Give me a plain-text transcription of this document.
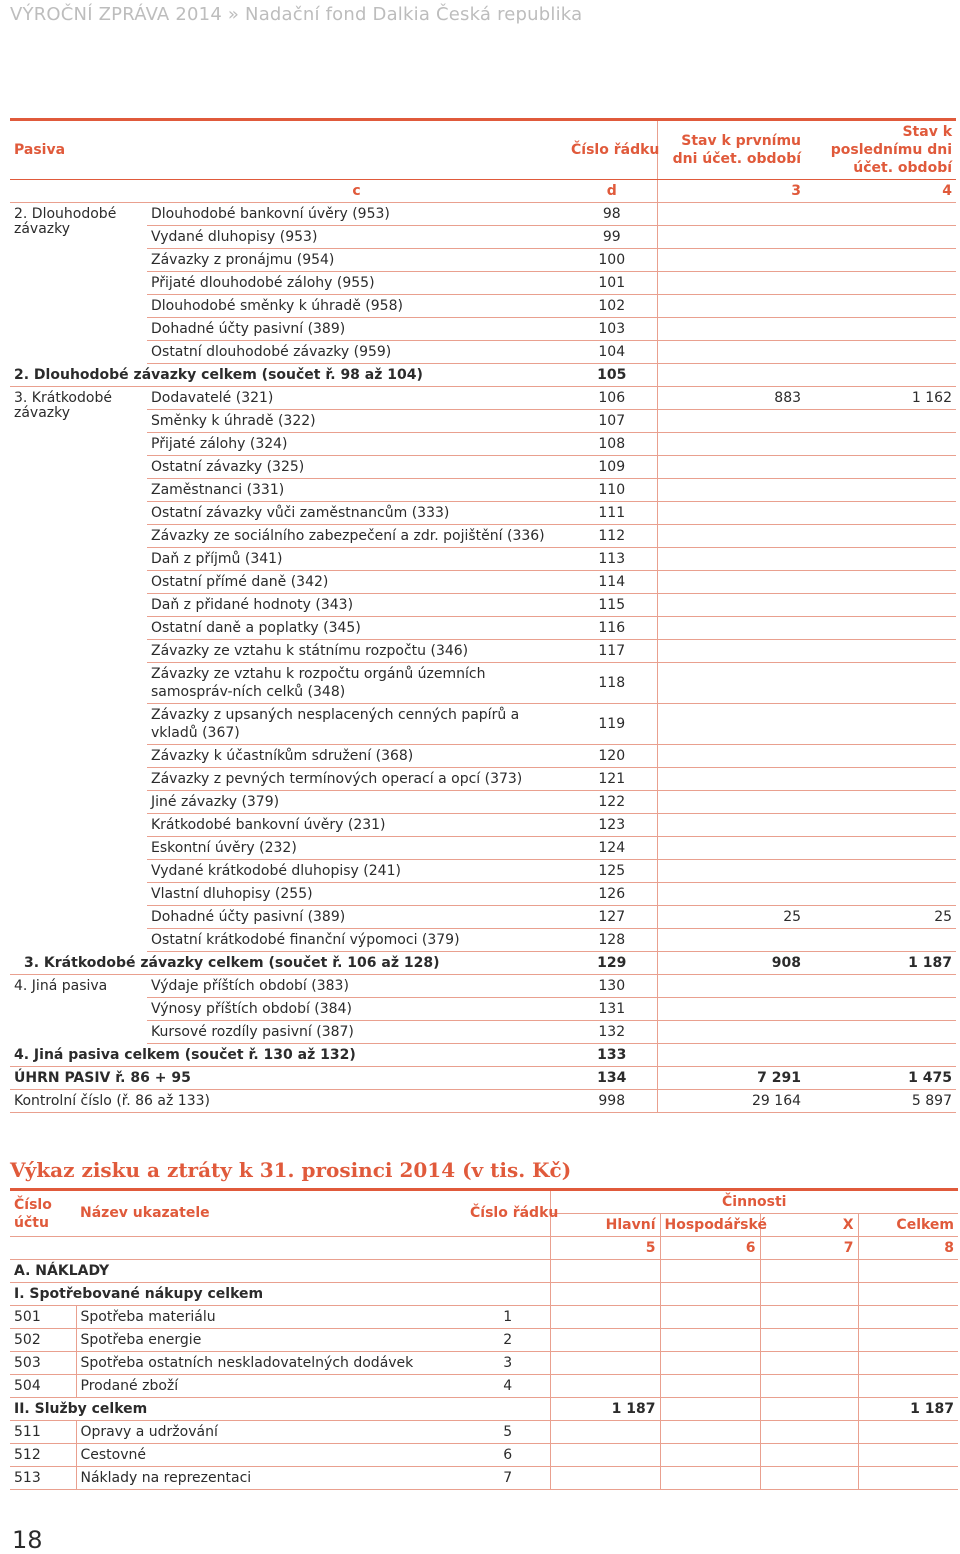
VÝROČNÍ ZPRÁVA 2014 » Nadační fond Dalkia Česká republika
Pasiva		Číslo řádku	Stav k prvnímu dni účet. období	Stav k poslednímu dni účet. období
c		d	3	4
2. Dlouhodobé závazky	Dlouhodobé bankovní úvěry (953)	98		
	Vydané dluhopisy (953)	99		
	Závazky z pronájmu (954)	100		
	Přijaté dlouhodobé zálohy (955)	101		
	Dlouhodobé směnky k úhradě (958)	102		
	Dohadné účty pasivní (389)	103		
	Ostatní dlouhodobé závazky (959)	104		
2. Dlouhodobé závazky celkem (součet ř. 98 až 104)		105		
3. Krátkodobé závazky	Dodavatelé (321)	106	883	1 162
	Směnky k úhradě (322)	107		
	Přijaté zálohy (324)	108		
	Ostatní závazky (325)	109		
	Zaměstnanci (331)	110		
	Ostatní závazky vůči zaměstnancům (333)	111		
	Závazky ze sociálního zabezpečení a zdr. pojištění (336)	112		
	Daň z příjmů (341)	113		
	Ostatní přímé daně (342)	114		
	Daň z přidané hodnoty (343)	115		
	Ostatní daně a poplatky (345)	116		
	Závazky ze vztahu k státnímu rozpočtu (346)	117		
	Závazky ze vztahu k rozpočtu orgánů územních samospráv-ních celků (348)	118		
	Závazky z upsaných nesplacených cenných papírů a vkladů (367)	119		
	Závazky k účastníkům sdružení (368)	120		
	Závazky z pevných termínových operací a opcí (373)	121		
	Jiné závazky (379)	122		
	Krátkodobé bankovní úvěry (231)	123		
	Eskontní úvěry (232)	124		
	Vydané krátkodobé dluhopisy (241)	125		
	Vlastní dluhopisy (255)	126		
	Dohadné účty pasivní (389)	127	25	25
	Ostatní krátkodobé finanční výpomoci (379)	128		
3. Krátkodobé závazky celkem (součet ř. 106 až 128)		129	908	1 187
4. Jiná pasiva	Výdaje příštích období (383)	130		
	Výnosy příštích období (384)	131		
	Kursové rozdíly pasivní (387)	132		
4. Jiná pasiva celkem (součet ř. 130 až 132)		133		
ÚHRN PASIV ř. 86 + 95		134	7 291	1 475
Kontrolní číslo (ř. 86 až 133)		998	29 164	5 897
Výkaz zisku a ztráty k 31. prosinci 2014 (v tis. Kč)
Číslo účtu	Název ukazatele	Číslo řádku	Činnosti			
			Hlavní	Hospodářské	X	Celkem
			5	6	7	8
A. NÁKLADY						
I. Spotřebované nákupy celkem						
501	Spotřeba materiálu	1				
502	Spotřeba energie	2				
503	Spotřeba ostatních neskladovatelných dodávek	3				
504	Prodané zboží	4				
II. Služby celkem			1 187			1 187
511	Opravy a udržování	5				
512	Cestovné	6				
513	Náklady na reprezentaci	7				
18
